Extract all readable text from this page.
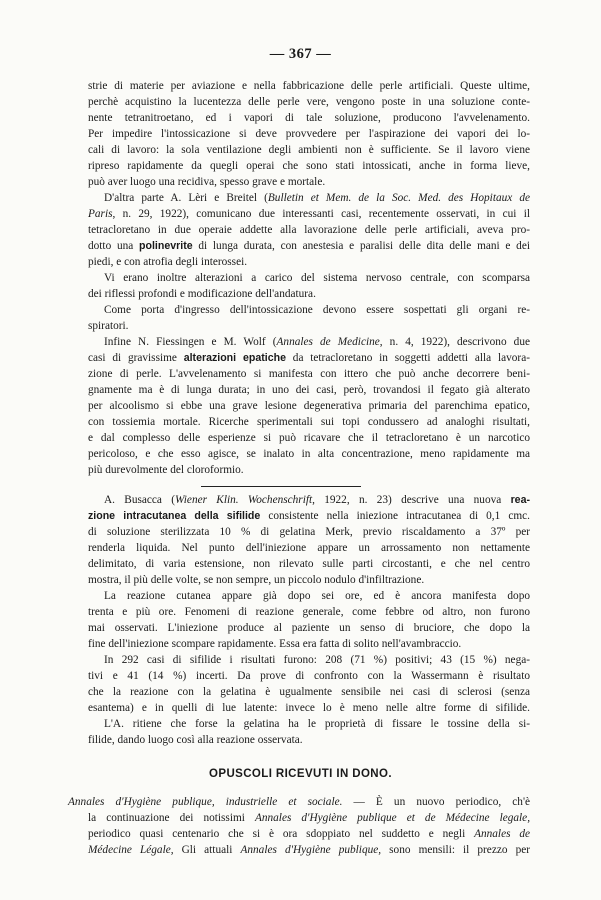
— 367 —
strie di materie per aviazione e nella fabbricazione delle perle artificiali. Queste ultime,
perchè acquistino la lucentezza delle perle vere, vengono poste in una soluzione conte-
nente tetranitroetano, ed i vapori di tale soluzione, producono l'avvelenamento.
Per impedire l'intossicazione si deve provvedere per l'aspirazione dei vapori dei lo-
cali di lavoro: la sola ventilazione degli ambienti non è sufficiente. Se il lavoro viene
ripreso rapidamente da quegli operai che sono stati intossicati, anche in forma lieve,
può aver luogo una recidiva, spesso grave e mortale.
D'altra parte A. Lèri e Breitel (Bulletin et Mem. de la Soc. Med. des Hopitaux de
Paris, n. 29, 1922), comunicano due interessanti casi, recentemente osservati, in cui il
tetracloretano in due operaie addette alla lavorazione delle perle artificiali, aveva pro-
dotto una polinevrite di lunga durata, con anestesia e paralisi delle dita delle mani e dei
piedi, e con atrofia degli interossei.
Vi erano inoltre alterazioni a carico del sistema nervoso centrale, con scomparsa
dei riflessi profondi e modificazione dell'andatura.
Come porta d'ingresso dell'intossicazione devono essere sospettati gli organi re-
spiratori.
Infine N. Fiessingen e M. Wolf (Annales de Medicine, n. 4, 1922), descrivono due
casi di gravissime alterazioni epatiche da tetracloretano in soggetti addetti alla lavora-
zione di perle. L'avvelenamento si manifesta con ittero che può anche decorrere beni-
gnamente ma è di lunga durata; in uno dei casi, però, trovandosi il fegato già alterato
per alcoolismo si ebbe una grave lesione degenerativa primaria del parenchima epatico,
con tossiemia mortale. Ricerche sperimentali sui topi condussero ad analoghi risultati,
e dal complesso delle esperienze si può ricavare che il tetracloretano è un narcotico
pericoloso, e che esso agisce, se inalato in alta concentrazione, meno rapidamente ma
più durevolmente del cloroformio.
A. Busacca (Wiener Klin. Wochenschrift, 1922, n. 23) descrive una nuova rea-
zione intracutanea della sifilide consistente nella iniezione intracutanea di 0,1 cmc.
di soluzione sterilizzata 10 % di gelatina Merk, previo riscaldamento a 37º per
renderla liquida. Nel punto dell'iniezione appare un arrossamento non nettamente
delimitato, di varia estensione, non rilevato sulle parti circostanti, e che nel centro
mostra, il più delle volte, se non sempre, un piccolo nodulo d'infiltrazione.
La reazione cutanea appare già dopo sei ore, ed è ancora manifesta dopo
trenta e più ore. Fenomeni di reazione generale, come febbre od altro, non furono
mai osservati. L'iniezione produce al paziente un senso di bruciore, che dopo la
fine dell'iniezione scompare rapidamente. Essa era fatta di solito nell'avambraccio.
In 292 casi di sifilide i risultati furono: 208 (71 %) positivi; 43 (15 %) nega-
tivi e 41 (14 %) incerti. Da prove di confronto con la Wassermann è risultato
che la reazione con la gelatina è ugualmente sensibile nei casi di sclerosi (senza
esantema) e in quelli di lue latente: invece lo è meno nelle altre forme di sifilide.
L'A. ritiene che forse la gelatina ha le proprietà di fissare le tossine della si-
filide, dando luogo così alla reazione osservata.
OPUSCOLI RICEVUTI IN DONO.
Annales d'Hygiène publique, industrielle et sociale. — È un nuovo periodico, ch'è
la continuazione dei notissimi Annales d'Hygiène publique et de Médecine legale,
periodico quasi centenario che si è ora sdoppiato nel suddetto e negli Annales de
Médecine Légale, Gli attuali Annales d'Hygiène publique, sono mensili: il prezzo per
